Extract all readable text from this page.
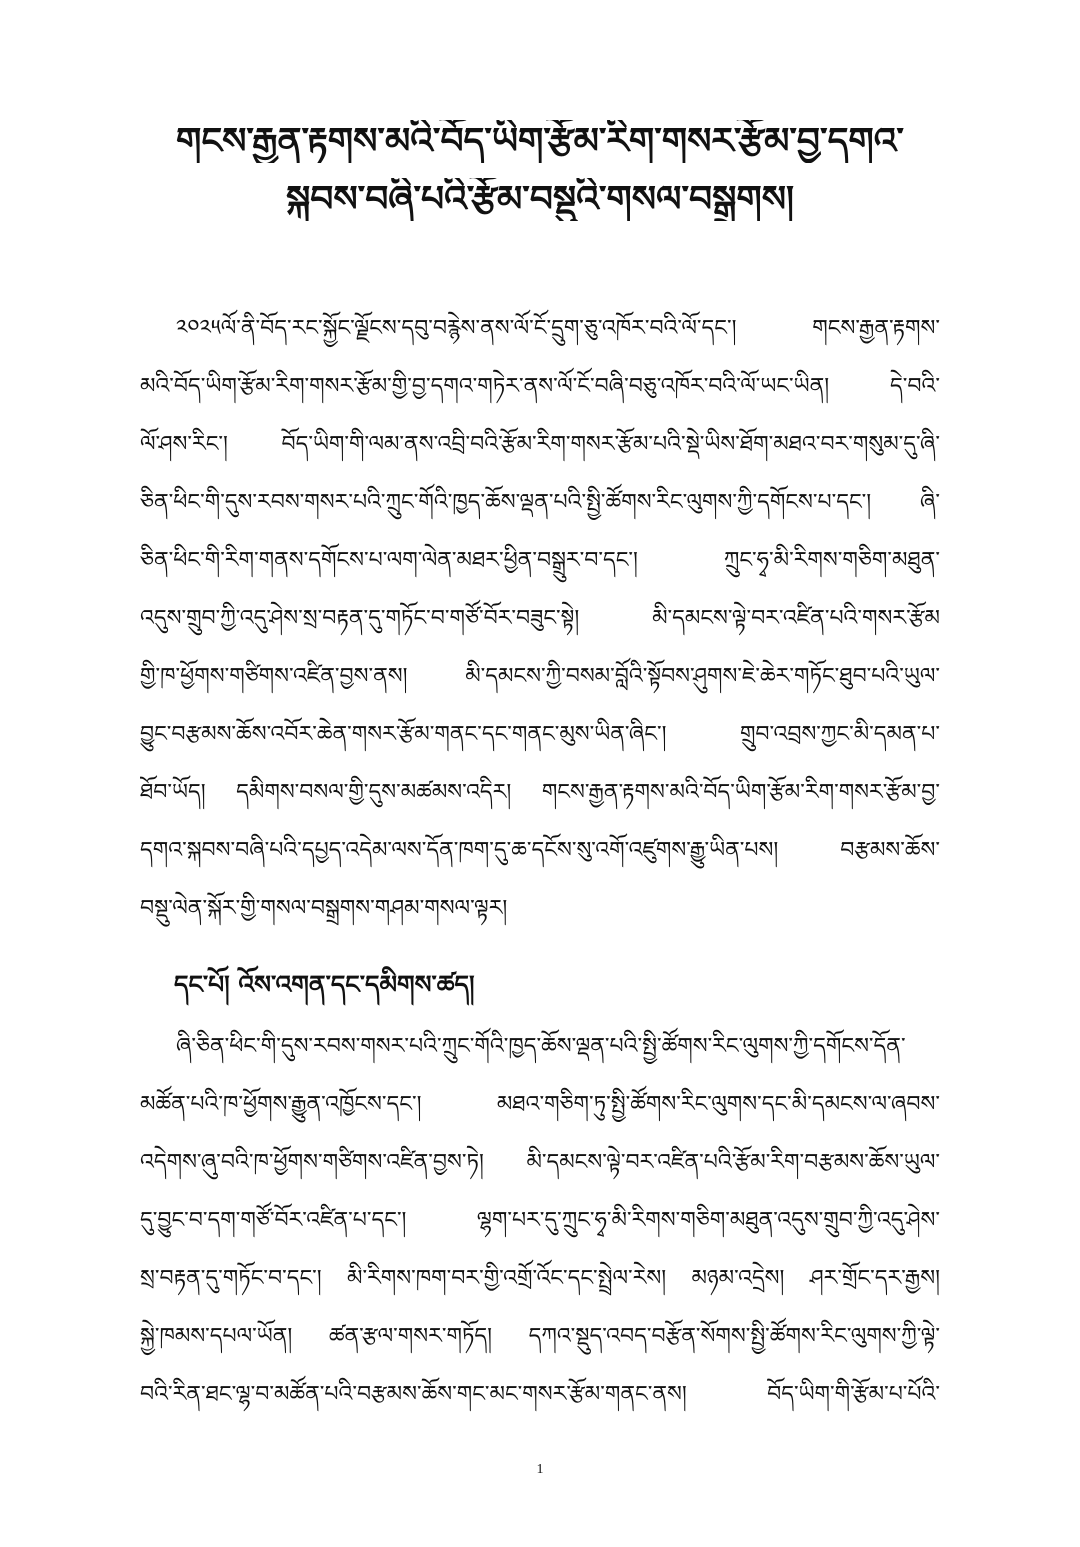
གངས་རྒྱན་རྟགས་མའི་བོད་ཡིག་རྩོམ་རིག་གསར་རྩོམ་བྱ་དགའ་
སྐབས་བཞི་པའི་རྩོམ་བསྡུའི་གསལ་བསྒྲགས།
༢༠༢༥ལོ་ནི་བོད་རང་སྐྱོང་ལྗོངས་དབུ་བརྙེས་ནས་ལོ་ངོ་དྲུག་ཅུ་འཁོར་བའི་ལོ་དང་། གངས་རྒྱན་རྟགས་
མའི་བོད་ཡིག་རྩོམ་རིག་གསར་རྩོམ་གྱི་བྱ་དགའ་གཏེར་ནས་ལོ་ངོ་བཞི་བཅུ་འཁོར་བའི་ལོ་ཡང་ཡིན། དེ་བའི་
ལོ་ཤས་རིང་། བོད་ཡིག་གི་ལམ་ནས་འབྲི་བའི་རྩོམ་རིག་གསར་རྩོམ་པའི་སྡེ་ཡིས་ཐོག་མཐའ་བར་གསུམ་དུ་ཞི་
ཅིན་ཕིང་གི་དུས་རབས་གསར་པའི་ཀྲུང་གོའི་ཁྱད་ཆོས་ལྡན་པའི་སྤྱི་ཚོགས་རིང་ལུགས་ཀྱི་དགོངས་པ་དང་། ཞི་
ཅིན་ཕིང་གི་རིག་གནས་དགོངས་པ་ལག་ལེན་མཐར་ཕྱིན་བསྒྲུར་བ་དང་། ཀྲུང་ཧྭ་མི་རིགས་གཅིག་མཐུན་
འདུས་གྲུབ་ཀྱི་འདུ་ཤེས་སྲ་བརྟན་དུ་གཏོང་བ་གཙོ་བོར་བཟུང་སྟེ། མི་དམངས་ལྟེ་བར་འཛིན་པའི་གསར་རྩོམ
གྱི་ཁ་ཕྱོགས་གཙིགས་འཛིན་བྱས་ནས། མི་དམངས་ཀྱི་བསམ་བློའི་སྟོབས་ཤུགས་ཇེ་ཆེར་གཏོང་ཐུབ་པའི་ཡུལ་
བྱུང་བརྩམས་ཆོས་འབོར་ཆེན་གསར་རྩོམ་གནང་དང་གནང་མུས་ཡིན་ཞིང་། གྲུབ་འབྲས་ཀྱང་མི་དམན་པ་
ཐོབ་ཡོད། དམིགས་བསལ་གྱི་དུས་མཚམས་འདིར། གངས་རྒྱན་རྟགས་མའི་བོད་ཡིག་རྩོམ་རིག་གསར་རྩོམ་བྱ་
དགའ་སྐབས་བཞི་པའི་དཔྱད་འདེམ་ལས་དོན་ཁག་དུ་ཆ་དངོས་སུ་འགོ་འཛུགས་རྒྱུ་ཡིན་པས། བརྩམས་ཆོས་
བསྡུ་ལེན་སྐོར་གྱི་གསལ་བསྒྲགས་གཤམ་གསལ་ལྟར།
དང་པོ། འོས་འགན་དང་དམིགས་ཚད།
ཞི་ཅིན་ཕིང་གི་དུས་རབས་གསར་པའི་ཀྲུང་གོའི་ཁྱད་ཆོས་ལྡན་པའི་སྤྱི་ཚོགས་རིང་ལུགས་ཀྱི་དགོངས་དོན་
མཚོན་པའི་ཁ་ཕྱོགས་རྒྱུན་འཁྱོངས་དང་། མཐའ་གཅིག་ཏུ་སྤྱི་ཚོགས་རིང་ལུགས་དང་མི་དམངས་ལ་ཞབས་
འདེགས་ཞུ་བའི་ཁ་ཕྱོགས་གཙིགས་འཛིན་བྱས་ཏེ། མི་དམངས་ལྟེ་བར་འཛིན་པའི་རྩོམ་རིག་བརྩམས་ཆོས་ཡུལ་
དུ་བྱུང་བ་དག་གཙོ་བོར་འཛིན་པ་དང་། ལྷག་པར་དུ་ཀྲུང་ཧྭ་མི་རིགས་གཅིག་མཐུན་འདུས་གྲུབ་ཀྱི་འདུ་ཤེས་
སྲ་བརྟན་དུ་གཏོང་བ་དང་། མི་རིགས་ཁག་བར་གྱི་འགྲོ་འོང་དང་སྤྲེལ་རེས། མཉམ་འདྲེས། ཤར་གྲོང་དར་རྒྱས།
སྐྱེ་ཁམས་དཔལ་ཡོན། ཚན་རྩལ་གསར་གཏོད། དཀའ་སྡུད་འབད་བརྩོན་སོགས་སྤྱི་ཚོགས་རིང་ལུགས་ཀྱི་ལྟེ་
བའི་རིན་ཐང་ལྷ་བ་མཚོན་པའི་བརྩམས་ཆོས་གང་མང་གསར་རྩོམ་གནང་ནས། བོད་ཡིག་གི་རྩོམ་པ་པོའི་
1
